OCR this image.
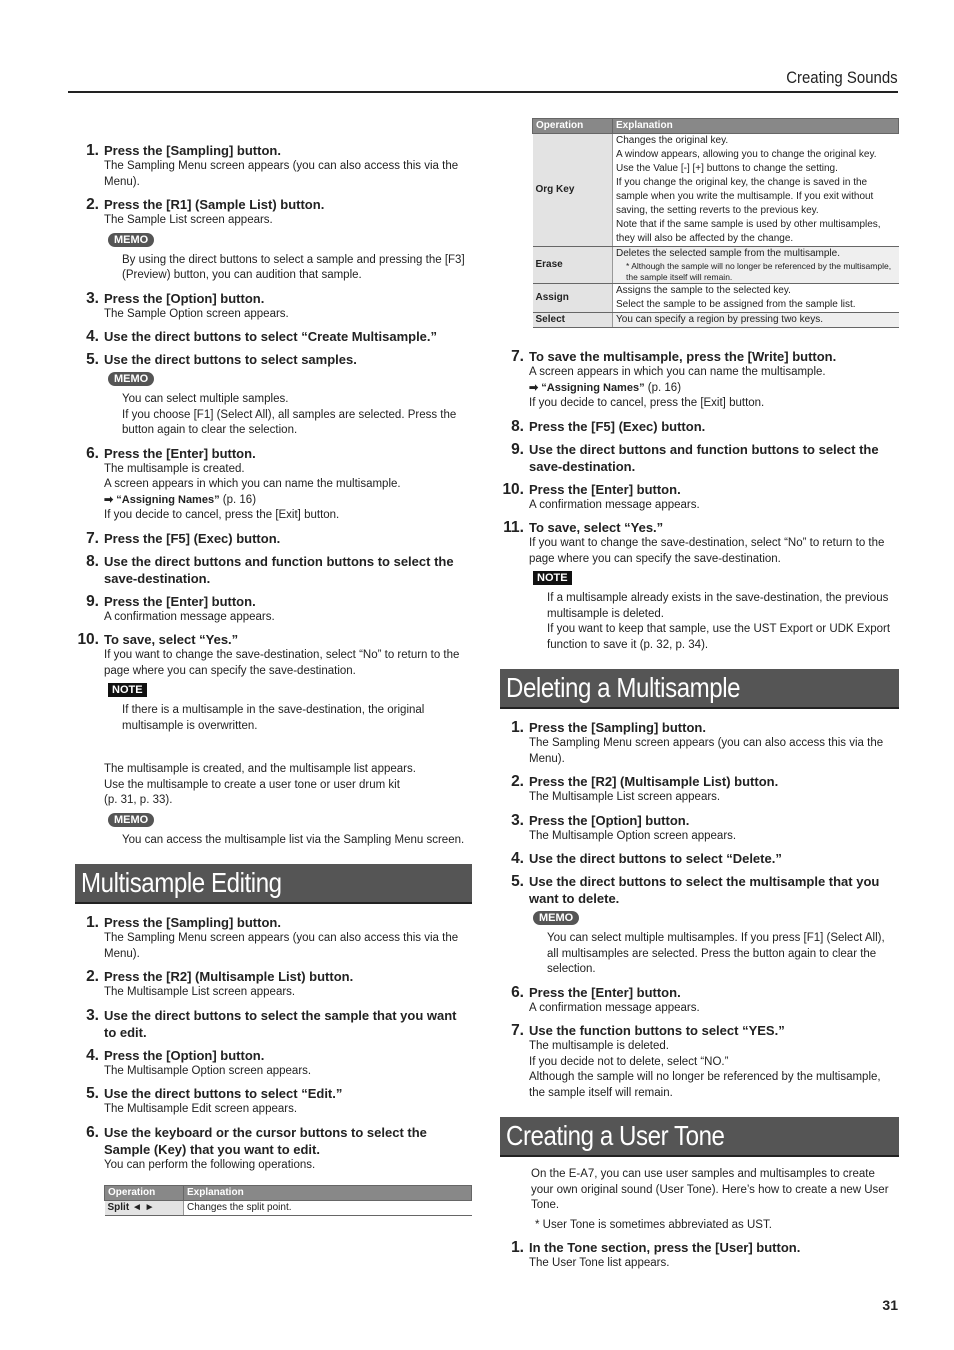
Creating Sounds
1. Press the [Sampling] button.
The Sampling Menu screen appears (you can also access this via the Menu).
2. Press the [R1] (Sample List) button.
The Sample List screen appears.
MEMO
By using the direct buttons to select a sample and pressing the [F3] (Preview) button, you can audition that sample.
3. Press the [Option] button.
The Sample Option screen appears.
4. Use the direct buttons to select “Create Multisample.”
5. Use the direct buttons to select samples.
MEMO
You can select multiple samples.
If you choose [F1] (Select All), all samples are selected. Press the button again to clear the selection.
6. Press the [Enter] button.
The multisample is created.
A screen appears in which you can name the multisample.
➡ “Assigning Names” (p. 16)
If you decide to cancel, press the [Exit] button.
7. Press the [F5] (Exec) button.
8. Use the direct buttons and function buttons to select the save-destination.
9. Press the [Enter] button.
A confirmation message appears.
10. To save, select “Yes.”
If you want to change the save-destination, select “No” to return to the page where you can specify the save-destination.
NOTE
If there is a multisample in the save-destination, the original multisample is overwritten.
The multisample is created, and the multisample list appears.
Use the multisample to create a user tone or user drum kit
(p. 31, p. 33).
MEMO
You can access the multisample list via the Sampling Menu screen.
Multisample Editing
1. Press the [Sampling] button.
The Sampling Menu screen appears (you can also access this via the Menu).
2. Press the [R2] (Multisample List) button.
The Multisample List screen appears.
3. Use the direct buttons to select the sample that you want to edit.
4. Press the [Option] button.
The Multisample Option screen appears.
5. Use the direct buttons to select “Edit.”
The Multisample Edit screen appears.
6. Use the keyboard or the cursor buttons to select the Sample (Key) that you want to edit.
You can perform the following operations.
Operation	Explanation
Split ◄ ►	Changes the split point.
Operation	Explanation
Org Key	Changes the original key.
A window appears, allowing you to change the original key.
Use the Value [-] [+] buttons to change the setting.
If you change the original key, the change is saved in the sample when you write the multisample. If you exit without saving, the setting reverts to the previous key.
Note that if the same sample is used by other multisamples, they will also be affected by the change.

Erase	Deletes the selected sample from the multisample.
* Although the sample will no longer be referenced by the multisample, the sample itself will remain.

Assign	Assigns the sample to the selected key.
Select the sample to be assigned from the sample list.

Select	You can specify a region by pressing two keys.
7. To save the multisample, press the [Write] button.
A screen appears in which you can name the multisample.
➡ “Assigning Names” (p. 16)
If you decide to cancel, press the [Exit] button.
8. Press the [F5] (Exec) button.
9. Use the direct buttons and function buttons to select the save-destination.
10. Press the [Enter] button.
A confirmation message appears.
11. To save, select “Yes.”
If you want to change the save-destination, select “No” to return to the page where you can specify the save-destination.
NOTE
If a multisample already exists in the save-destination, the previous multisample is deleted.
If you want to keep that sample, use the UST Export or UDK Export function to save it (p. 32, p. 34).
Deleting a Multisample
1. Press the [Sampling] button.
The Sampling Menu screen appears (you can also access this via the Menu).
2. Press the [R2] (Multisample List) button.
The Multisample List screen appears.
3. Press the [Option] button.
The Multisample Option screen appears.
4. Use the direct buttons to select “Delete.”
5. Use the direct buttons to select the multisample that you want to delete.
MEMO
You can select multiple multisamples. If you press [F1] (Select All), all multisamples are selected. Press the button again to clear the selection.
6. Press the [Enter] button.
A confirmation message appears.
7. Use the function buttons to select “YES.”
The multisample is deleted.
If you decide not to delete, select “NO.”
Although the sample will no longer be referenced by the multisample, the sample itself will remain.
Creating a User Tone
On the E-A7, you can use user samples and multisamples to create your own original sound (User Tone). Here’s how to create a new User Tone.
* User Tone is sometimes abbreviated as UST.
1. In the Tone section, press the [User] button.
The User Tone list appears.
31
